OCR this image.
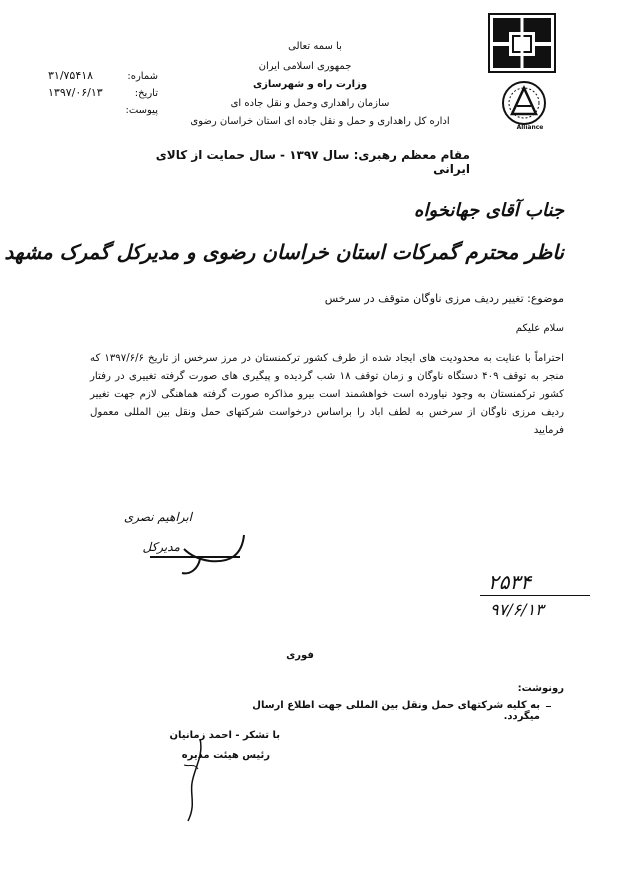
Alliance
با سمه تعالی
جمهوری اسلامی ایران
وزارت راه و شهرسازی
سازمان راهداری وحمل و نقل جاده ای
اداره کل راهداری و حمل و نقل جاده ای استان خراسان رضوی
شماره:
۳۱/۷۵۴۱۸
تاریخ:
۱۳۹۷/۰۶/۱۳
پیوست:
مقام معظم رهبری: سال ۱۳۹۷ - سال حمایت از کالای ایرانی
جناب آقای جهانخواه
ناظر محترم گمرکات استان خراسان رضوی و مدیرکل گمرک مشهد
موضوع: تغییر ردیف مرزی ناوگان متوقف در سرخس
سلام علیکم
احتراماً با عنایت به محدودیت های ایجاد شده از طرف کشور ترکمنستان در مرز سرخس از تاریخ ۱۳۹۷/۶/۶ که منجر به توقف ۴۰۹ دستگاه ناوگان و زمان توقف ۱۸ شب گردیده و پیگیری های صورت گرفته تغییری در رفتار کشور ترکمنستان به وجود نیاورده است خواهشمند است بیرو مذاکره صورت گرفته هماهنگی لازم جهت تغییر ردیف مرزی ناوگان از سرخس به لطف اباد را براساس درخواست شرکتهای حمل ونقل بین المللی معمول فرمایید
ابراهیم نصری
مدیرکل
۲۵۳۴
۹۷/۶/۱۳
فوری
رونوشت:
به کلیه شرکتهای حمل ونقل بین المللی جهت اطلاع ارسال میگردد.
با تشکر - احمد زمانیان
رئیس هیئت مدیره
